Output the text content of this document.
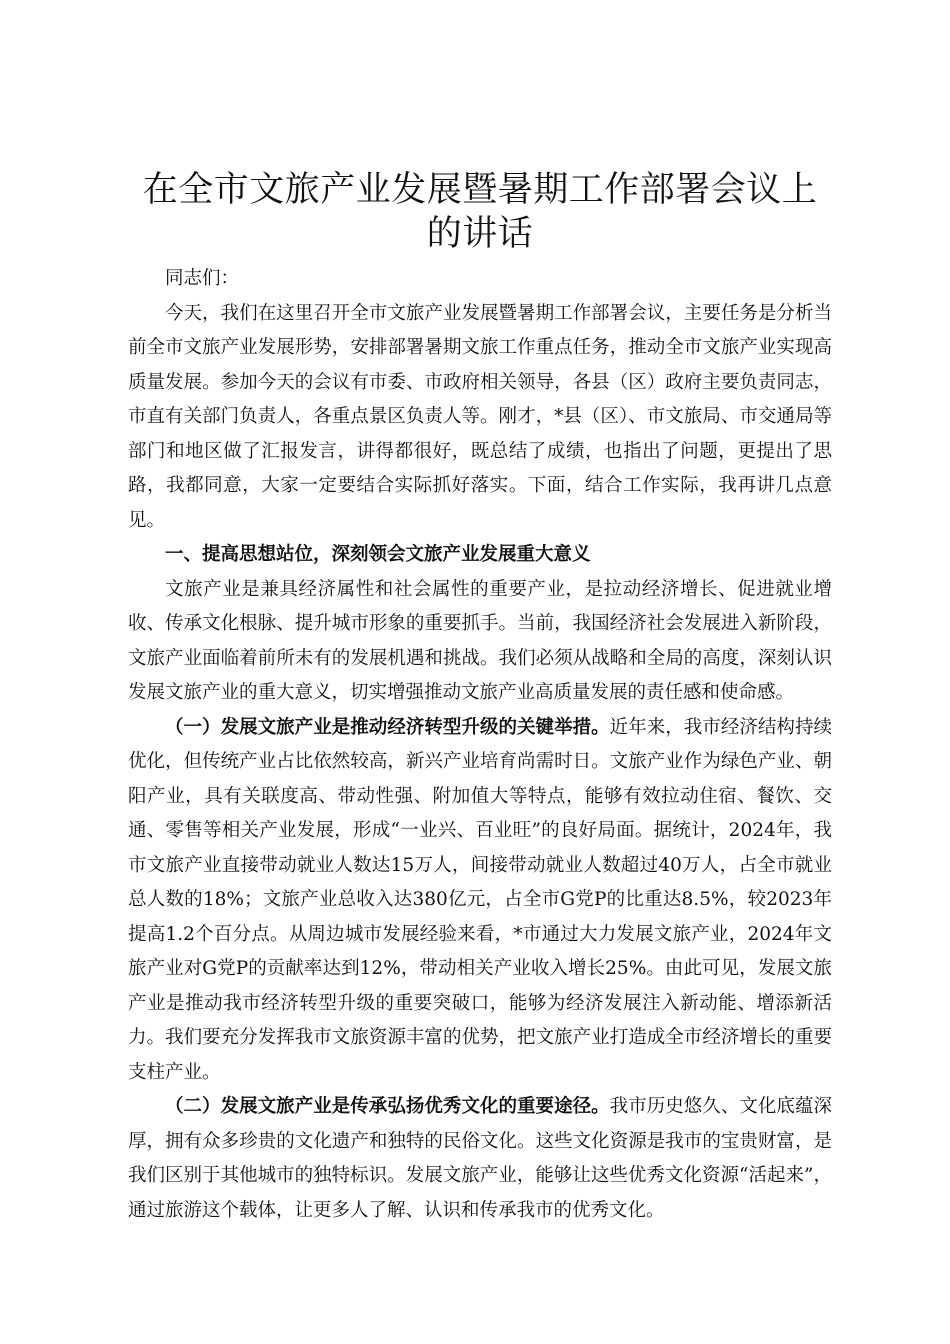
在全市文旅产业发展暨暑期工作部署会议上的讲话

同志们：

今天，我们在这里召开全市文旅产业发展暨暑期工作部署会议，主要任务是分析当前全市文旅产业发展形势，安排部署暑期文旅工作重点任务，推动全市文旅产业实现高质量发展。参加今天的会议有市委、市政府相关领导，各县（区）政府主要负责同志，市直有关部门负责人，各重点景区负责人等。刚才，*县（区）、市文旅局、市交通局等部门和地区做了汇报发言，讲得都很好，既总结了成绩，也指出了问题，更提出了思路，我都同意，大家一定要结合实际抓好落实。下面，结合工作实际，我再讲几点意见。

一、提高思想站位，深刻领会文旅产业发展重大意义

文旅产业是兼具经济属性和社会属性的重要产业，是拉动经济增长、促进就业增收、传承文化根脉、提升城市形象的重要抓手。当前，我国经济社会发展进入新阶段，文旅产业面临着前所未有的发展机遇和挑战。我们必须从战略和全局的高度，深刻认识发展文旅产业的重大意义，切实增强推动文旅产业高质量发展的责任感和使命感。

（一）发展文旅产业是推动经济转型升级的关键举措。近年来，我市经济结构持续优化，但传统产业占比依然较高，新兴产业培育尚需时日。文旅产业作为绿色产业、朝阳产业，具有关联度高、带动性强、附加值大等特点，能够有效拉动住宿、餐饮、交通、零售等相关产业发展，形成“一业兴、百业旺”的良好局面。据统计，2024年，我市文旅产业直接带动就业人数达15万人，间接带动就业人数超过40万人，占全市就业总人数的18%；文旅产业总收入达380亿元，占全市G党P的比重达8.5%，较2023年提高1.2个百分点。从周边城市发展经验来看，*市通过大力发展文旅产业，2024年文旅产业对G党P的贡献率达到12%，带动相关产业收入增长25%。由此可见，发展文旅产业是推动我市经济转型升级的重要突破口，能够为经济发展注入新动能、增添新活力。我们要充分发挥我市文旅资源丰富的优势，把文旅产业打造成全市经济增长的重要支柱产业。

（二）发展文旅产业是传承弘扬优秀文化的重要途径。我市历史悠久、文化底蕴深厚，拥有众多珍贵的文化遗产和独特的民俗文化。这些文化资源是我市的宝贵财富，是我们区别于其他城市的独特标识。发展文旅产业，能够让这些优秀文化资源“活起来”，通过旅游这个载体，让更多人了解、认识和传承我市的优秀文化。
